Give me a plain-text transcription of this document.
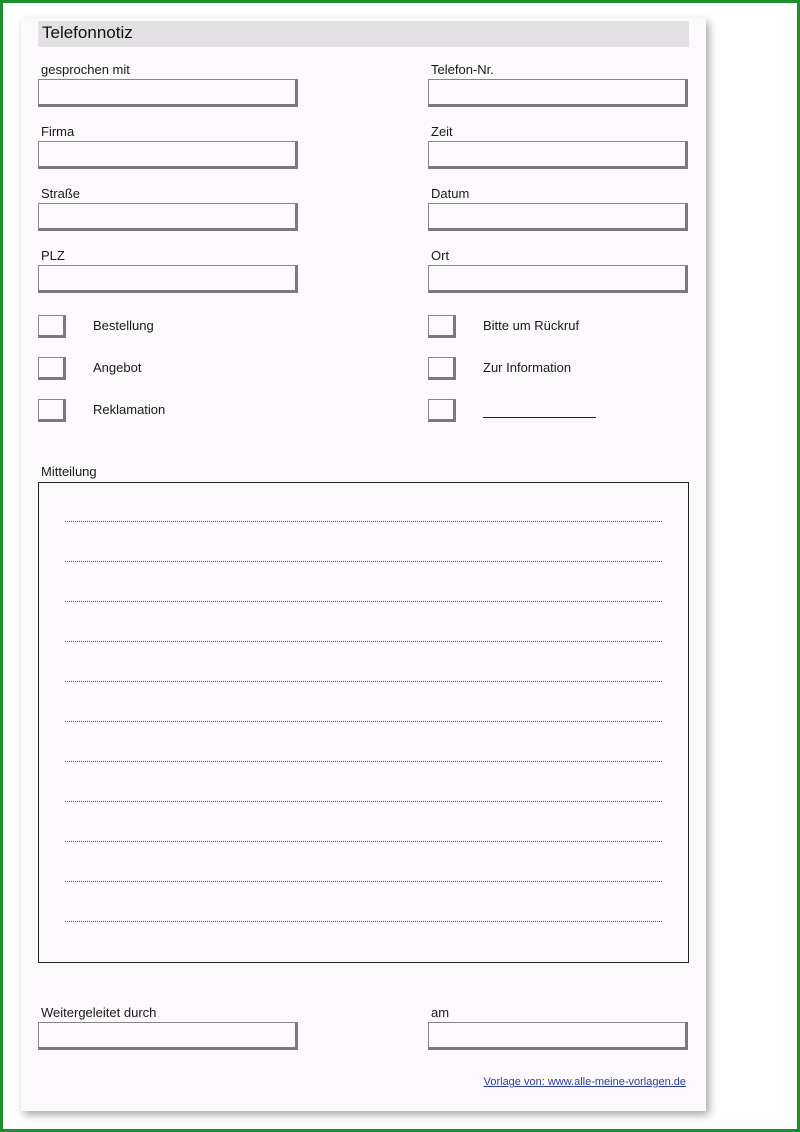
Telefonnotiz
gesprochen mit	Telefon-Nr.
Firma	Zeit
Straße	Datum
PLZ	Ort
Bestellung	Bitte um Rückruf
Angebot	Zur Information
Reklamation
Mitteilung
Weitergeleitet durch	am
Vorlage von: www.alle-meine-vorlagen.de
